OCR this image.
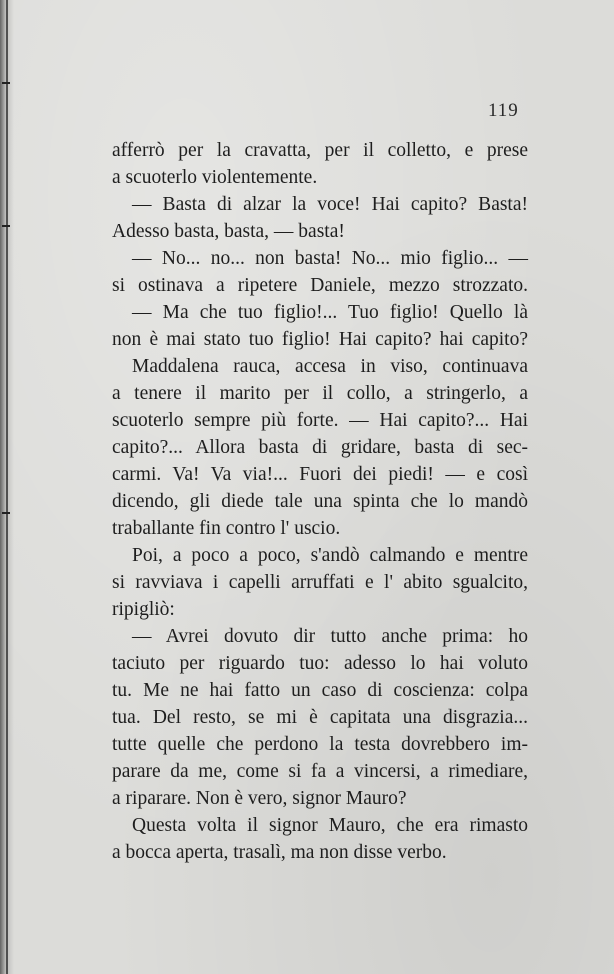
119
afferrò per la cravatta, per il colletto, e prese
a scuoterlo violentemente.
— Basta di alzar la voce! Hai capito? Basta!
Adesso basta, basta, — basta!
— No... no... non basta! No... mio figlio... —
si ostinava a ripetere Daniele, mezzo strozzato.
— Ma che tuo figlio!... Tuo figlio! Quello là
non è mai stato tuo figlio! Hai capito? hai capito?
Maddalena rauca, accesa in viso, continuava
a tenere il marito per il collo, a stringerlo, a
scuoterlo sempre più forte. — Hai capito?... Hai
capito?... Allora basta di gridare, basta di sec-
carmi. Va! Va via!... Fuori dei piedi! — e così
dicendo, gli diede tale una spinta che lo mandò
traballante fin contro l' uscio.
Poi, a poco a poco, s'andò calmando e mentre
si ravviava i capelli arruffati e l' abito sgualcito,
ripigliò:
— Avrei dovuto dir tutto anche prima: ho
taciuto per riguardo tuo: adesso lo hai voluto
tu. Me ne hai fatto un caso di coscienza: colpa
tua. Del resto, se mi è capitata una disgrazia...
tutte quelle che perdono la testa dovrebbero im-
parare da me, come si fa a vincersi, a rimediare,
a riparare. Non è vero, signor Mauro?
Questa volta il signor Mauro, che era rimasto
a bocca aperta, trasalì, ma non disse verbo.
